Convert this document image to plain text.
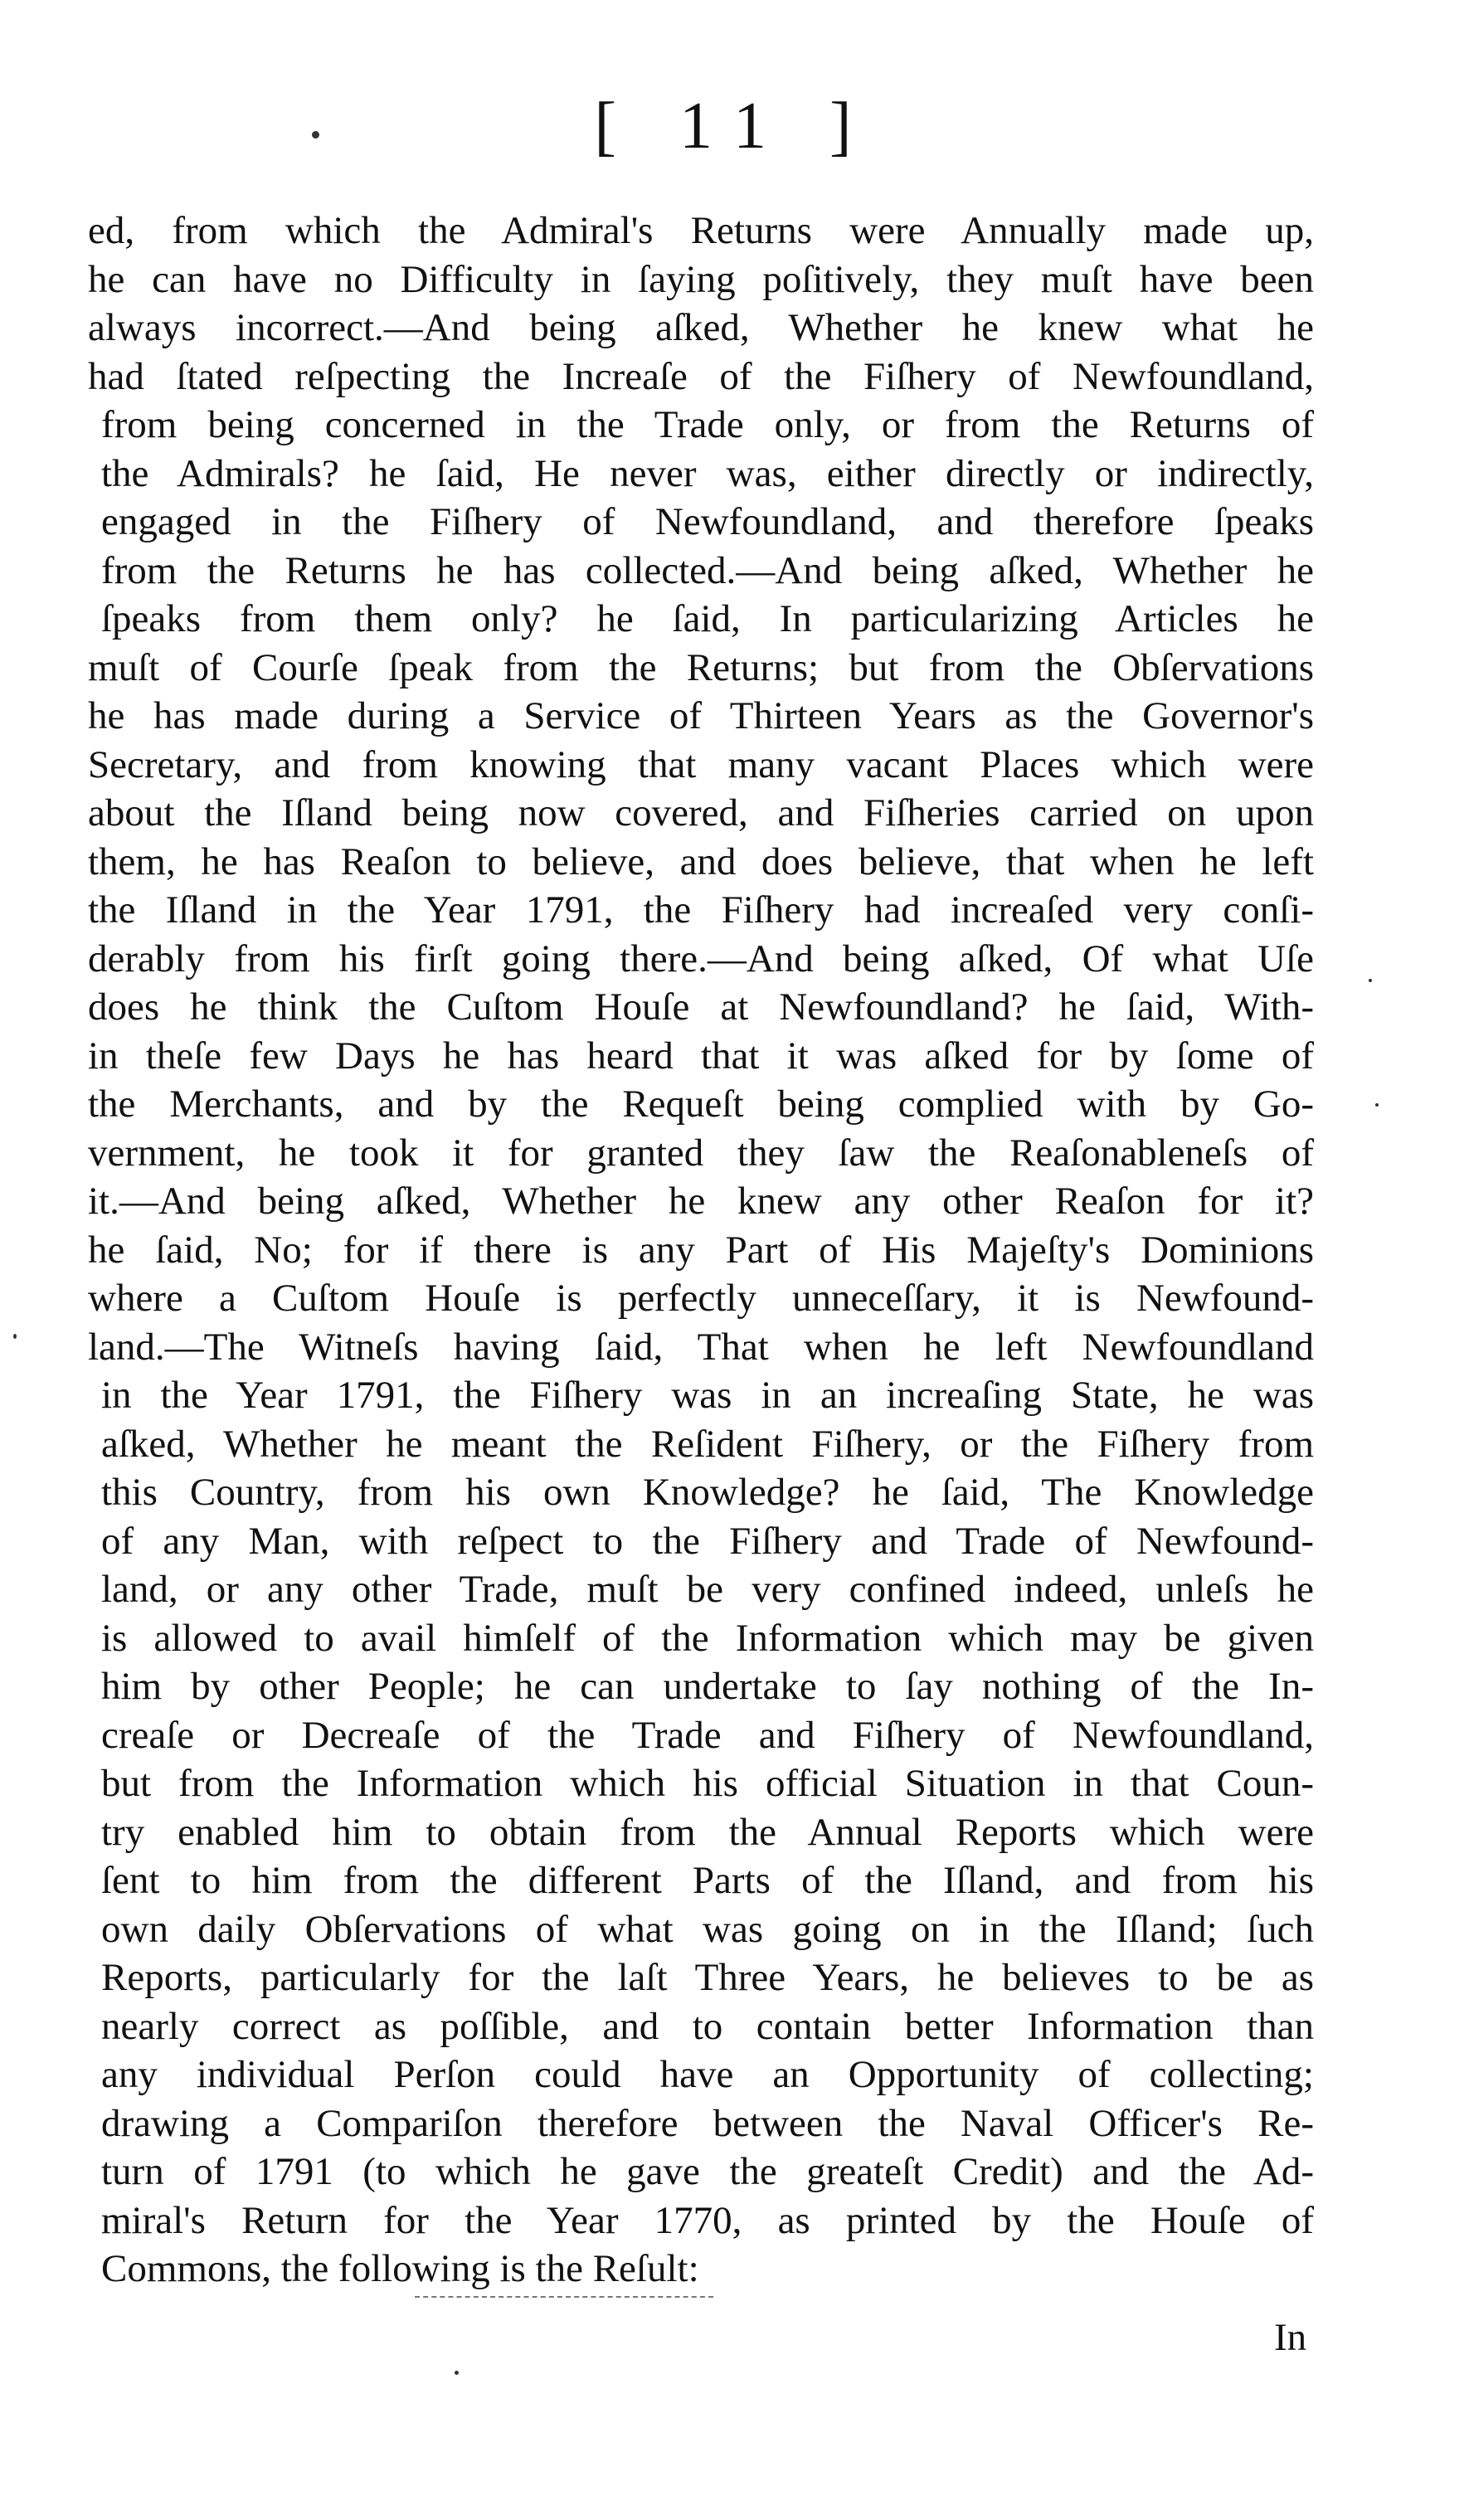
[ 11 ]
ed, from which the Admiral's Returns were Annually made up,
he can have no Difficulty in ſaying poſitively, they muſt have been
always incorrect.—And being aſked, Whether he knew what he
had ſtated reſpecting the Increaſe of the Fiſhery of Newfoundland,
from being concerned in the Trade only, or from the Returns of
the Admirals? he ſaid, He never was, either directly or indirectly,
engaged in the Fiſhery of Newfoundland, and therefore ſpeaks
from the Returns he has collected.—And being aſked, Whether he
ſpeaks from them only? he ſaid, In particularizing Articles he
muſt of Courſe ſpeak from the Returns; but from the Obſervations
he has made during a Service of Thirteen Years as the Governor's
Secretary, and from knowing that many vacant Places which were
about the Iſland being now covered, and Fiſheries carried on upon
them, he has Reaſon to believe, and does believe, that when he left
the Iſland in the Year 1791, the Fiſhery had increaſed very conſi-
derably from his firſt going there.—And being aſked, Of what Uſe
does he think the Cuſtom Houſe at Newfoundland? he ſaid, With-
in theſe few Days he has heard that it was aſked for by ſome of
the Merchants, and by the Requeſt being complied with by Go-
vernment, he took it for granted they ſaw the Reaſonableneſs of
it.—And being aſked, Whether he knew any other Reaſon for it?
he ſaid, No; for if there is any Part of His Majeſty's Dominions
where a Cuſtom Houſe is perfectly unneceſſary, it is Newfound-
land.—The Witneſs having ſaid, That when he left Newfoundland
in the Year 1791, the Fiſhery was in an increaſing State, he was
aſked, Whether he meant the Reſident Fiſhery, or the Fiſhery from
this Country, from his own Knowledge? he ſaid, The Knowledge
of any Man, with reſpect to the Fiſhery and Trade of Newfound-
land, or any other Trade, muſt be very confined indeed, unleſs he
is allowed to avail himſelf of the Information which may be given
him by other People; he can undertake to ſay nothing of the In-
creaſe or Decreaſe of the Trade and Fiſhery of Newfoundland,
but from the Information which his official Situation in that Coun-
try enabled him to obtain from the Annual Reports which were
ſent to him from the different Parts of the Iſland, and from his
own daily Obſervations of what was going on in the Iſland; ſuch
Reports, particularly for the laſt Three Years, he believes to be as
nearly correct as poſſible, and to contain better Information than
any individual Perſon could have an Opportunity of collecting;
drawing a Compariſon therefore between the Naval Officer's Re-
turn of 1791 (to which he gave the greateſt Credit) and the Ad-
miral's Return for the Year 1770, as printed by the Houſe of
Commons, the following is the Reſult:
In
